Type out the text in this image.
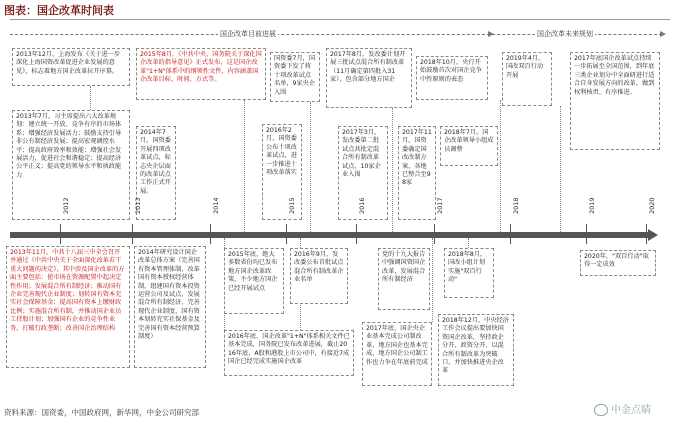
图表：国企改革时间表
国企改革目前进展	国企改革未来规划
2013年12月，上海发布《关于进一步深化上海国资改革促进企业发展的意见》，标志着地方国企改革拉开序幕。
2013年7月，习主席提出六大改革规划：建立统一开放、竞争有序的市场体系；增强经济发展活力；鼓励支持引导非公有制经济发展；提高宏观调控水平；提高政府效率和效能；增强社会发展活力，促进社会和谐稳定；提高经济公平正义；提高党的领导水平和执政能力
2015年8月，《中共中央、国务院关于深化国企改革的指导意见》正式发布，这是国企改革"1+N"体系中的纲领性文件，内容涵盖国企改革目标、时间、方式等。
2014年7月，国资委开展四项改革试点，标志央企层面的改革试点工作正式开展。
国资委7月，国资委下发了将十项改革试点名单，9家央企入围
2016年2月，国资委公布十项改革试点，进一步推进十项改革落实
2017年8月，发改委计划开展三批试点混合所有制改革（11月确定第四批入31家），包含部分地方国企
2017年3月，发改委第二批试点共批定混合所有制改革试点，10家企业入围
2017年11月，国资委确定国改改制方案，各地已整合至98家
2018年10月，央行开始鼓励首次对国企竞争中性原则的表态
2018年7月，国企改革领导小组成员调整
2019年4月，国改双百行动开展
2017年底国企改革试点持续一步拓展至全国范围，到年底三类企业划分中全面研进行适合自身发展方向的改革，做到权利核责、有序推进。
2012	2013	2014	2015	2016	2017	2018	2019	2020
2013年11月，中共十八届三中全会召开并通过《中共中央关于全面深化改革若干重大问题的决定》，其中涉及国企改革的方面主要包括：使市场在资源配置中起决定性作用；发展混合所有制经济；推动国有企业完善现代企业制度；划转国有资本充实社会保障基金；提高国有资本上缴财政比例；实施混合所有制，并推动国企业员工持股计划；加强国有企业的竞争性业务，打破行政垄断；改善国企治理结构
2014年研究设计国企改革总体方案（完善国有资本管理体制，改革国有资本授权经营体制，组建国有资本投资运营公司及试点，发展混合所有制经济，完善现代企业制度，国有资本划转充实社保基金及完善国有资本经营预算制度）
2015年底，绝大多数省份均已发布地方国企改革政策，不少地方国企已经开展试点
2016年9月，发改委公布首批试点混合所有制改革企业名单
2016年底，国企改革"1+N"体系相关文件已基本完成，国务院已发布改革进展，截止2016年底，A股和港股上市公司中，有接近7成国企已经完成实施国企改革
党的十九大报告中强调国资国企改革，发展混合所有制经济
2017年底，国企央企业基本完成公司制改革，地方国企也基本完成，地方国企公司制工作也力争在年底前完成
2018年8月，国改小组计划实施"双百行动"
2018年12月，中央经济工作会议提出要加快国资国企改革，坚持政企分开、政资分开、以混合所有制改革为突破口，并加快推进央企改革
2020年，"双百行动"取得一定成效
资料来源：国资委，中国政府网，新华网，中金公司研究部	中金点睛
